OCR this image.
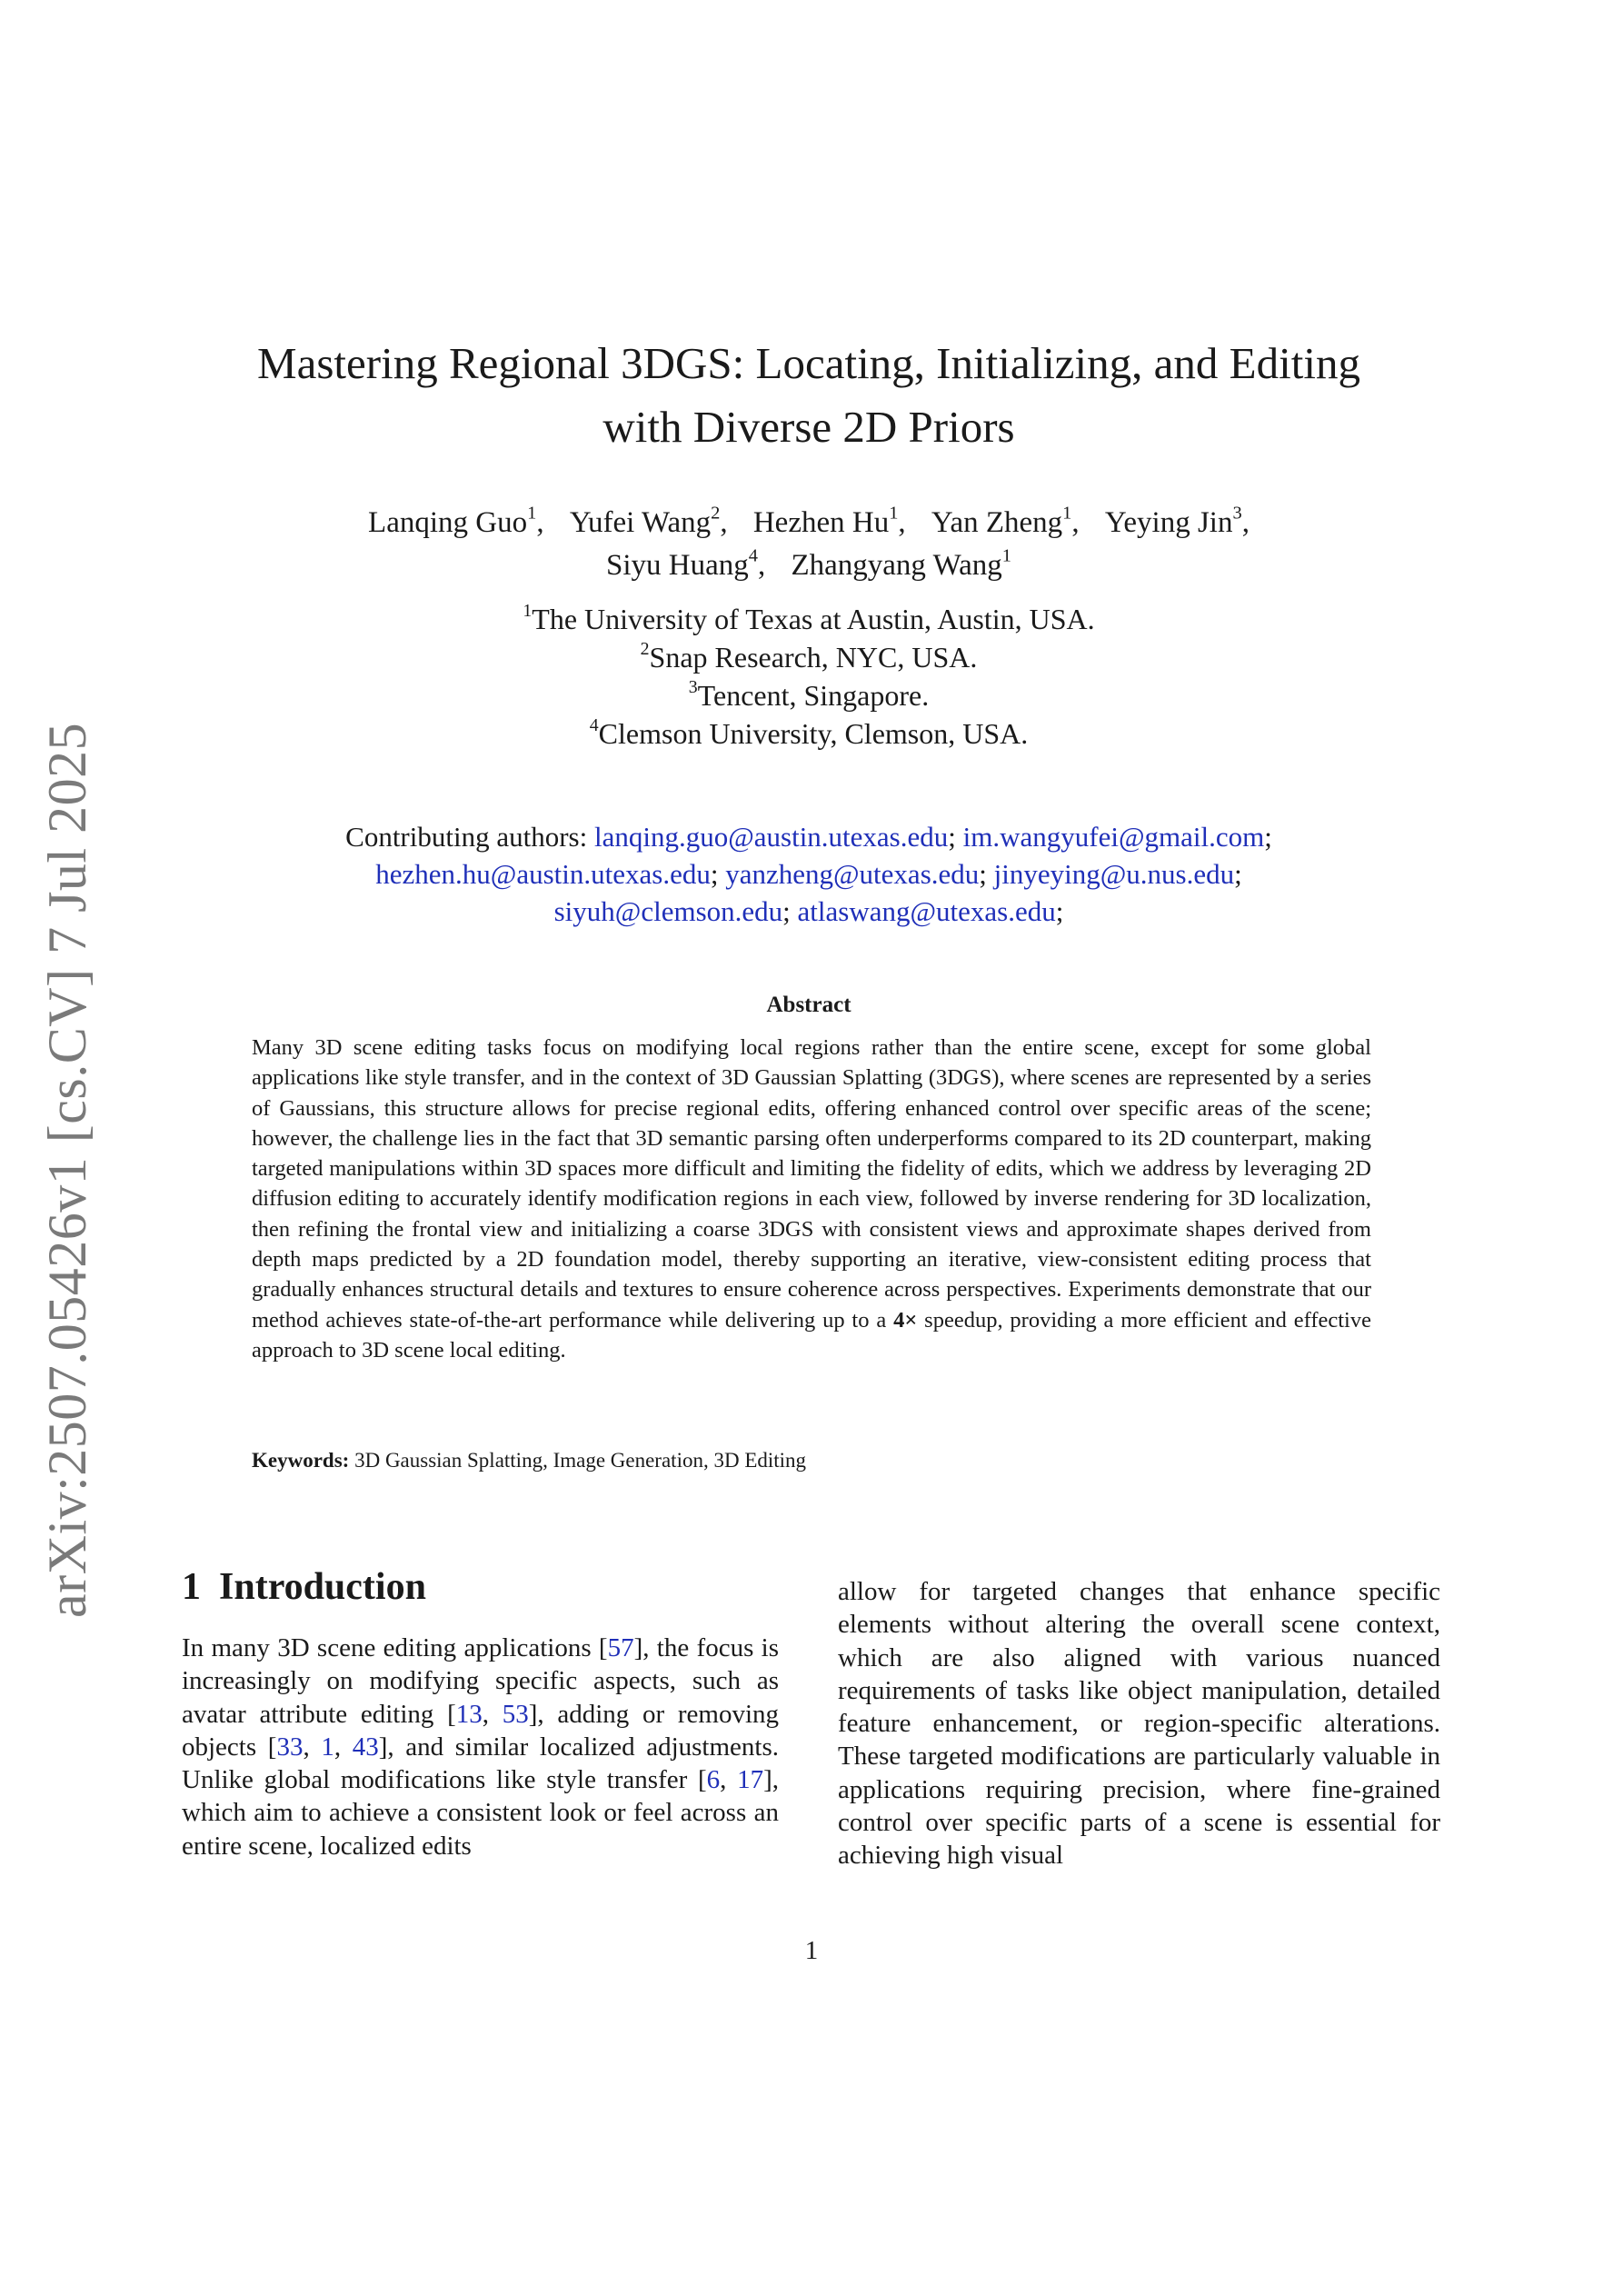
arXiv:2507.05426v1 [cs.CV] 7 Jul 2025
Mastering Regional 3DGS: Locating, Initializing, and Editing
with Diverse 2D Priors
Lanqing Guo$^1$, Yufei Wang$^2$, Hezhen Hu$^1$, Yan Zheng$^1$, Yeying Jin$^3$,
Siyu Huang$^4$, Zhangyang Wang$^1$
$^1$The University of Texas at Austin, Austin, USA.
$^2$Snap Research, NYC, USA.
$^3$Tencent, Singapore.
$^4$Clemson University, Clemson, USA.
Contributing authors: lanqing.guo@austin.utexas.edu; im.wangyufei@gmail.com;
hezhen.hu@austin.utexas.edu; yanzheng@utexas.edu; jinyeying@u.nus.edu;
siyuh@clemson.edu; atlaswang@utexas.edu;
Abstract
Many 3D scene editing tasks focus on modifying local regions rather than the entire scene, except for some global applications like style transfer, and in the context of 3D Gaussian Splatting (3DGS), where scenes are represented by a series of Gaussians, this structure allows for precise regional edits, offering enhanced control over specific areas of the scene; however, the challenge lies in the fact that 3D semantic parsing often underperforms compared to its 2D counterpart, making targeted manipulations within 3D spaces more difficult and limiting the fidelity of edits, which we address by leveraging 2D diffusion editing to accurately identify modification regions in each view, followed by inverse rendering for 3D localization, then refining the frontal view and initializing a coarse 3DGS with consistent views and approximate shapes derived from depth maps predicted by a 2D foundation model, thereby supporting an iterative, view-consistent editing process that gradually enhances structural details and textures to ensure coherence across perspectives. Experiments demonstrate that our method achieves state-of-the-art performance while delivering up to a 4× speedup, providing a more efficient and effective approach to 3D scene local editing.
Keywords: 3D Gaussian Splatting, Image Generation, 3D Editing
1 Introduction
In many 3D scene editing applications [57], the focus is increasingly on modifying specific aspects, such as avatar attribute editing [13, 53], adding or removing objects [33, 1, 43], and similar localized adjustments. Unlike global modifications like style transfer [6, 17], which aim to achieve a consistent look or feel across an entire scene, localized edits
allow for targeted changes that enhance specific elements without altering the overall scene context, which are also aligned with various nuanced requirements of tasks like object manipulation, detailed feature enhancement, or region-specific alterations. These targeted modifications are particularly valuable in applications requiring precision, where fine-grained control over specific parts of a scene is essential for achieving high visual
1
